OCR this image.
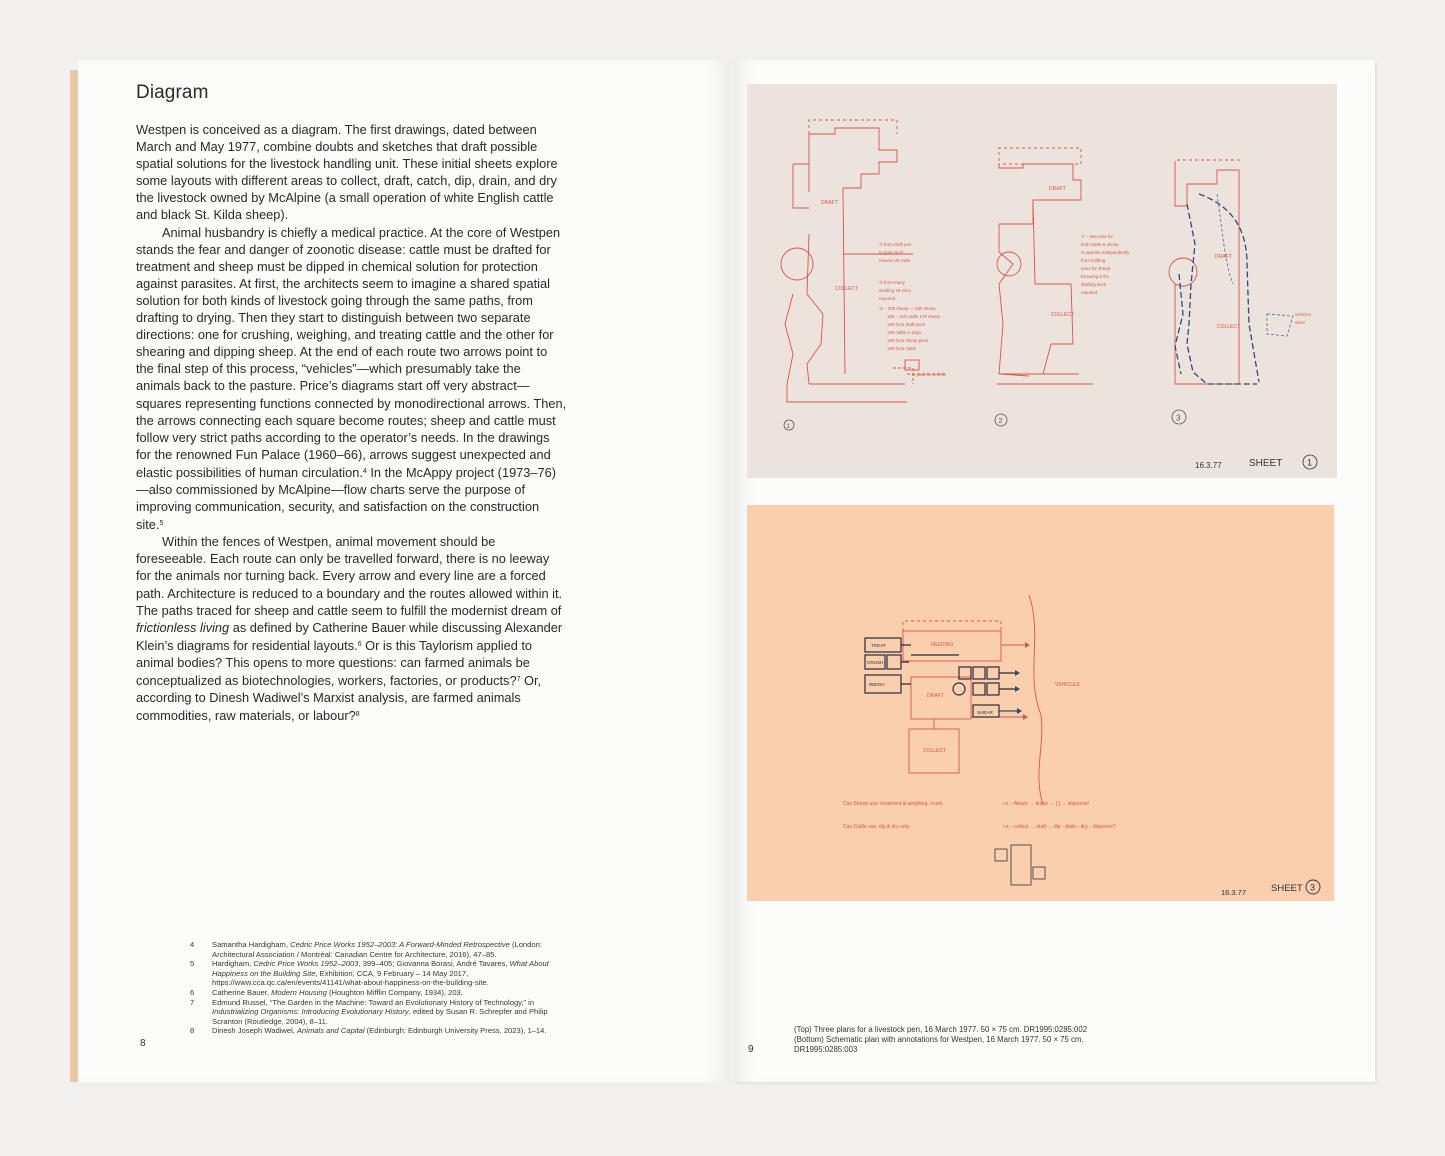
Diagram

Westpen is conceived as a diagram. The first drawings, dated between March and May 1977, combine doubts and sketches that draft possible spatial solutions for the livestock handling unit. These initial sheets explore some layouts with different areas to collect, draft, catch, dip, drain, and dry the livestock owned by McAlpine (a small operation of white English cattle and black St. Kilda sheep).

Animal husbandry is chiefly a medical practice. At the core of Westpen stands the fear and danger of zoonotic disease: cattle must be drafted for treatment and sheep must be dipped in chemical solution for protection against parasites. At first, the architects seem to imagine a shared spatial solution for both kinds of livestock going through the same paths, from drafting to drying. Then they start to distinguish between two separate directions: one for crushing, weighing, and treating cattle and the other for shearing and dipping sheep. At the end of each route two arrows point to the final step of this process, “vehicles”—which presumably take the animals back to the pasture. Price’s diagrams start off very abstract—squares representing functions connected by monodirectional arrows. Then, the arrows connecting each square become routes; sheep and cattle must follow very strict paths according to the operator’s needs. In the drawings for the renowned Fun Palace (1960–66), arrows suggest unexpected and elastic possibilities of human circulation.$^4$ In the McAppy project (1973–76)—also commissioned by McAlpine—flow charts serve the purpose of improving communication, security, and satisfaction on the construction site.$^5$

Within the fences of Westpen, animal movement should be foreseeable. Each route can only be travelled forward, there is no leeway for the animals nor turning back. Every arrow and every line are a forced path. Architecture is reduced to a boundary and the routes allowed within it. The paths traced for sheep and cattle seem to fulfill the modernist dream of frictionless living as defined by Catherine Bauer while discussing Alexander Klein’s diagrams for residential layouts.$^6$ Or is this Taylorism applied to animal bodies? This opens to more questions: can farmed animals be conceptualized as biotechnologies, workers, factories, or products?$^7$ Or, according to Dinesh Wadiwel’s Marxist analysis, are farmed animals commodities, raw materials, or labour?$^8$

4 Samantha Hardigham, Cedric Price Works 1952–2003: A Forward-Minded Retrospective (London: Architectural Association / Montréal: Canadian Centre for Architecture, 2016), 47–85.
5 Hardigham, Cedric Price Works 1952–2003, 399–405; Giovanna Borasi, André Tavares, What About Happiness on the Building Site, Exhibition, CCA, 9 February – 14 May 2017, https://www.cca.qc.ca/en/events/41141/what-about-happiness-on-the-building-site.
6 Catherine Bauer, Modern Housing (Houghton Mifflin Company, 1934), 203.
7 Edmund Russel, “The Garden in the Machine: Toward an Evolutionary History of Technology,” in Industrializing Organisms: Introducing Evolutionary History, edited by Susan R. Schrepfer and Philip Scranton (Routledge, 2004), 8–11.
8 Dinesh Joseph Wadiwel, Animals and Capital (Edinburgh: Edinburgh University Press, 2023), 1–14.
8
DRAFT
COLLECT
① from draft pen
to gain 24 hr
reserve 25 mins
② from many
working 18 mins
required
③ – 200 sheep — 200 sheep
150 – 210 cattle 175 sheep
150 from draft pens
150 cattle in days
150 from sheep pens
150 from cattle
→ pass to vehicle
DRAFT
COLLECT
① – see note for
both cattle & sheep
to operate independently
from holding
pens for sheep
Ensuring 6 fits
drafting work
required
DRAFT
COLLECT
vehicles
shed
1
2	3
16.3.77	SHEET	1
FEEDING
DRAFT
VEHICLES
COLLECT
TREAT
CRUSH
WEIGH
SHEAR
Can Sheep use: treatment & weighing, crush.	i.e. - Attack → dump → [ ] → dispense!
Can Cattle use: dip & dry only.	i.e. - collect → draft → dip - drain - dry. - dispense?
16.3.77	SHEET 3
(Top) Three plans for a livestock pen, 16 March 1977. 50 × 75 cm. DR1995:0285:002
(Bottom) Schematic plan with annotations for Westpen, 16 March 1977. 50 × 75 cm.
DR1995:0285:003
9
